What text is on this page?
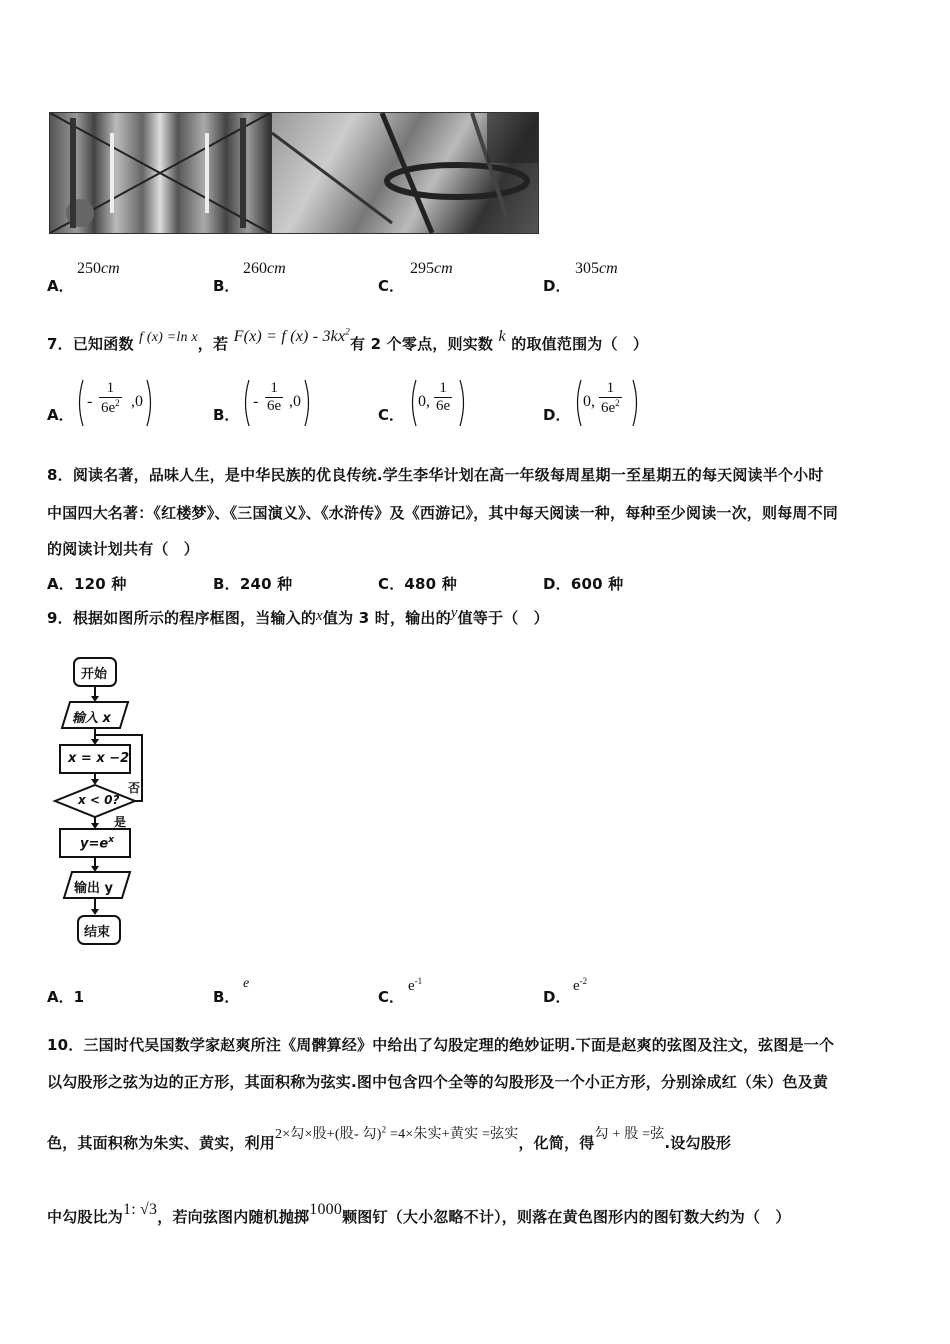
A．
250cm
B．
260cm
C．
295cm
D．
305cm
7．已知函数 f (x) =ln x，若 F(x) = f $(x) - 3kx^2$有 2 个零点，则实数 k 的取值范围为（　）
A．
- $\frac{1}{6e^2} ,0$
B．
- $\frac{1}{6e} ,0$
C．
0, $\frac{1}{6e}$	D．
0, $\frac{1}{6e^2}$
8．阅读名著，品味人生，是中华民族的优良传统.学生李华计划在高一年级每周星期一至星期五的每天阅读半个小时
中国四大名著：《红楼梦》、《三国演义》、《水浒传》及《西游记》，其中每天阅读一种，每种至少阅读一次，则每周不同
的阅读计划共有（　）
A．120 种	B．240 种	C．480 种	D．600 种
9．根据如图所示的程序框图，当输入的x值为 3 时，输出的y值等于（　）
开始
输入 x
x = x −2
x < 0?
否
是
$y=e^x$
输出 y
结束
A．1	B．
e
C．
$e^{-1}$
D．
$e^{-2}$
10．三国时代吴国数学家赵爽所注《周髀算经》中给出了勾股定理的绝妙证明.下面是赵爽的弦图及注文，弦图是一个
以勾股形之弦为边的正方形，其面积称为弦实.图中包含四个全等的勾股形及一个小正方形，分别涂成红（朱）色及黄
色，其面积称为朱实、黄实，利用2×勾×股+(股- 勾)$^2$ =4×朱实+黄实 =弦实，化简，得勾 + 股 =弦.设勾股形
中勾股比为1: √3，若向弦图内随机抛掷1000颗图钉（大小忽略不计），则落在黄色图形内的图钉数大约为（　）
